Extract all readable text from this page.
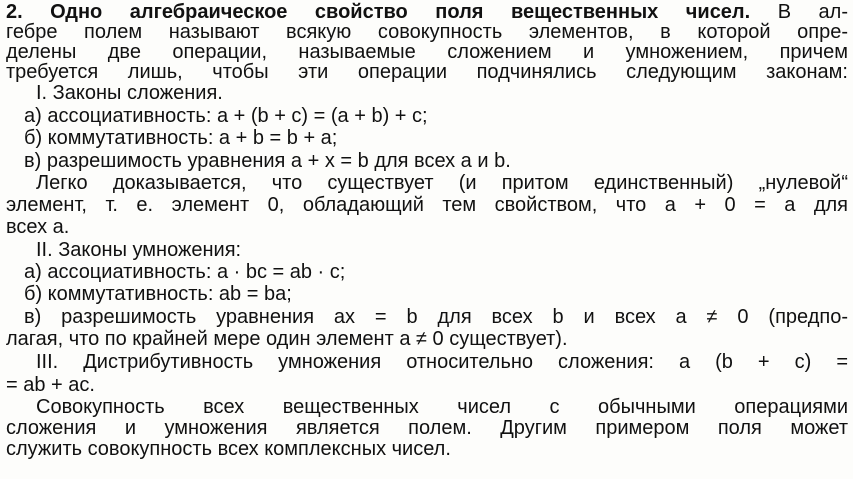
2. Одно алгебраическое свойство поля вещественных чисел. В ал-
гебре полем называют всякую совокупность элементов, в которой опре-
делены две операции, называемые сложением и умножением, причем
требуется лишь, чтобы эти операции подчинялись следующим законам:
I. Законы сложения.
а) ассоциативность: a + (b + c) = (a + b) + c;
б) коммутативность: a + b = b + a;
в) разрешимость уравнения a + x = b для всех a и b.
Легко доказывается, что существует (и притом единственный) „нулевой“
элемент, т. е. элемент 0, обладающий тем свойством, что a + 0 = a для
всех a.
II. Законы умножения:
а) ассоциативность: a · bc = ab · c;
б) коммутативность: ab = ba;
в) разрешимость уравнения ax = b для всех b и всех a ≠ 0 (предпо-
лагая, что по крайней мере один элемент a ≠ 0 существует).
III. Дистрибутивность умножения относительно сложения: a (b + c) =
= ab + ac.
Совокупность всех вещественных чисел с обычными операциями
сложения и умножения является полем. Другим примером поля может
служить совокупность всех комплексных чисел.
